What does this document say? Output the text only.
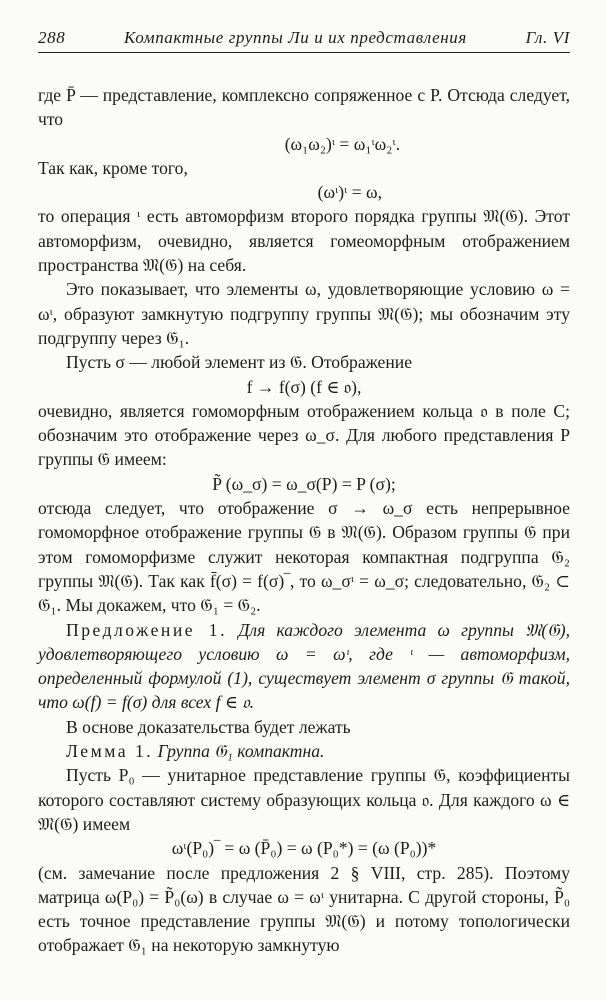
288	Компактные группы Ли и их представления	Гл. VI

где P̄ — представление, комплексно сопряженное с P. Отсюда следует, что

(ω₁ω₂)ᶥ = ω₁ᶥω₂ᶥ.

Так как, кроме того,

(ωᶥ)ᶥ = ω,

то операция ᶥ есть автоморфизм второго порядка группы 𝔐(𝔊). Этот автоморфизм, очевидно, является гомеоморфным отображением пространства 𝔐(𝔊) на себя.

Это показывает, что элементы ω, удовлетворяющие условию ω = ωᶥ, образуют замкнутую подгруппу группы 𝔐(𝔊); мы обозначим эту подгруппу через 𝔊₁.

Пусть σ — любой элемент из 𝔊. Отображение

f → f(σ) (f ∈ 𝔬),

очевидно, является гомоморфным отображением кольца 𝔬 в поле C; обозначим это отображение через ω_σ. Для любого представления P группы 𝔊 имеем:

P̃ (ω_σ) = ω_σ(P) = P (σ);

отсюда следует, что отображение σ → ω_σ есть непрерывное гомоморфное отображение группы 𝔊 в 𝔐(𝔊). Образом группы 𝔊 при этом гомоморфизме служит некоторая компактная подгруппа 𝔊₂ группы 𝔐(𝔊). Так как f̄(σ) = f(σ)‾, то ω_σᶥ = ω_σ; следовательно, 𝔊₂ ⊂ 𝔊₁. Мы докажем, что 𝔊₁ = 𝔊₂.

Предложение 1. Для каждого элемента ω группы 𝔐(𝔊), удовлетворяющего условию ω = ωᶥ, где ᶥ — автоморфизм, определенный формулой (1), существует элемент σ группы 𝔊 такой, что ω(f) = f(σ) для всех f ∈ 𝔬.

В основе доказательства будет лежать

Лемма 1. Группа 𝔊₁ компактна.

Пусть P₀ — унитарное представление группы 𝔊, коэффициенты которого составляют систему образующих кольца 𝔬. Для каждого ω ∈ 𝔐(𝔊) имеем

ωᶥ(P₀)‾ = ω (P̄₀) = ω (P₀*) = (ω (P₀))*

(см. замечание после предложения 2 § VIII, стр. 285). Поэтому матрица ω(P₀) = P̃₀(ω) в случае ω = ωᶥ унитарна. С другой стороны, P̃₀ есть точное представление группы 𝔐(𝔊) и потому топологически отображает 𝔊₁ на некоторую замкнутую
